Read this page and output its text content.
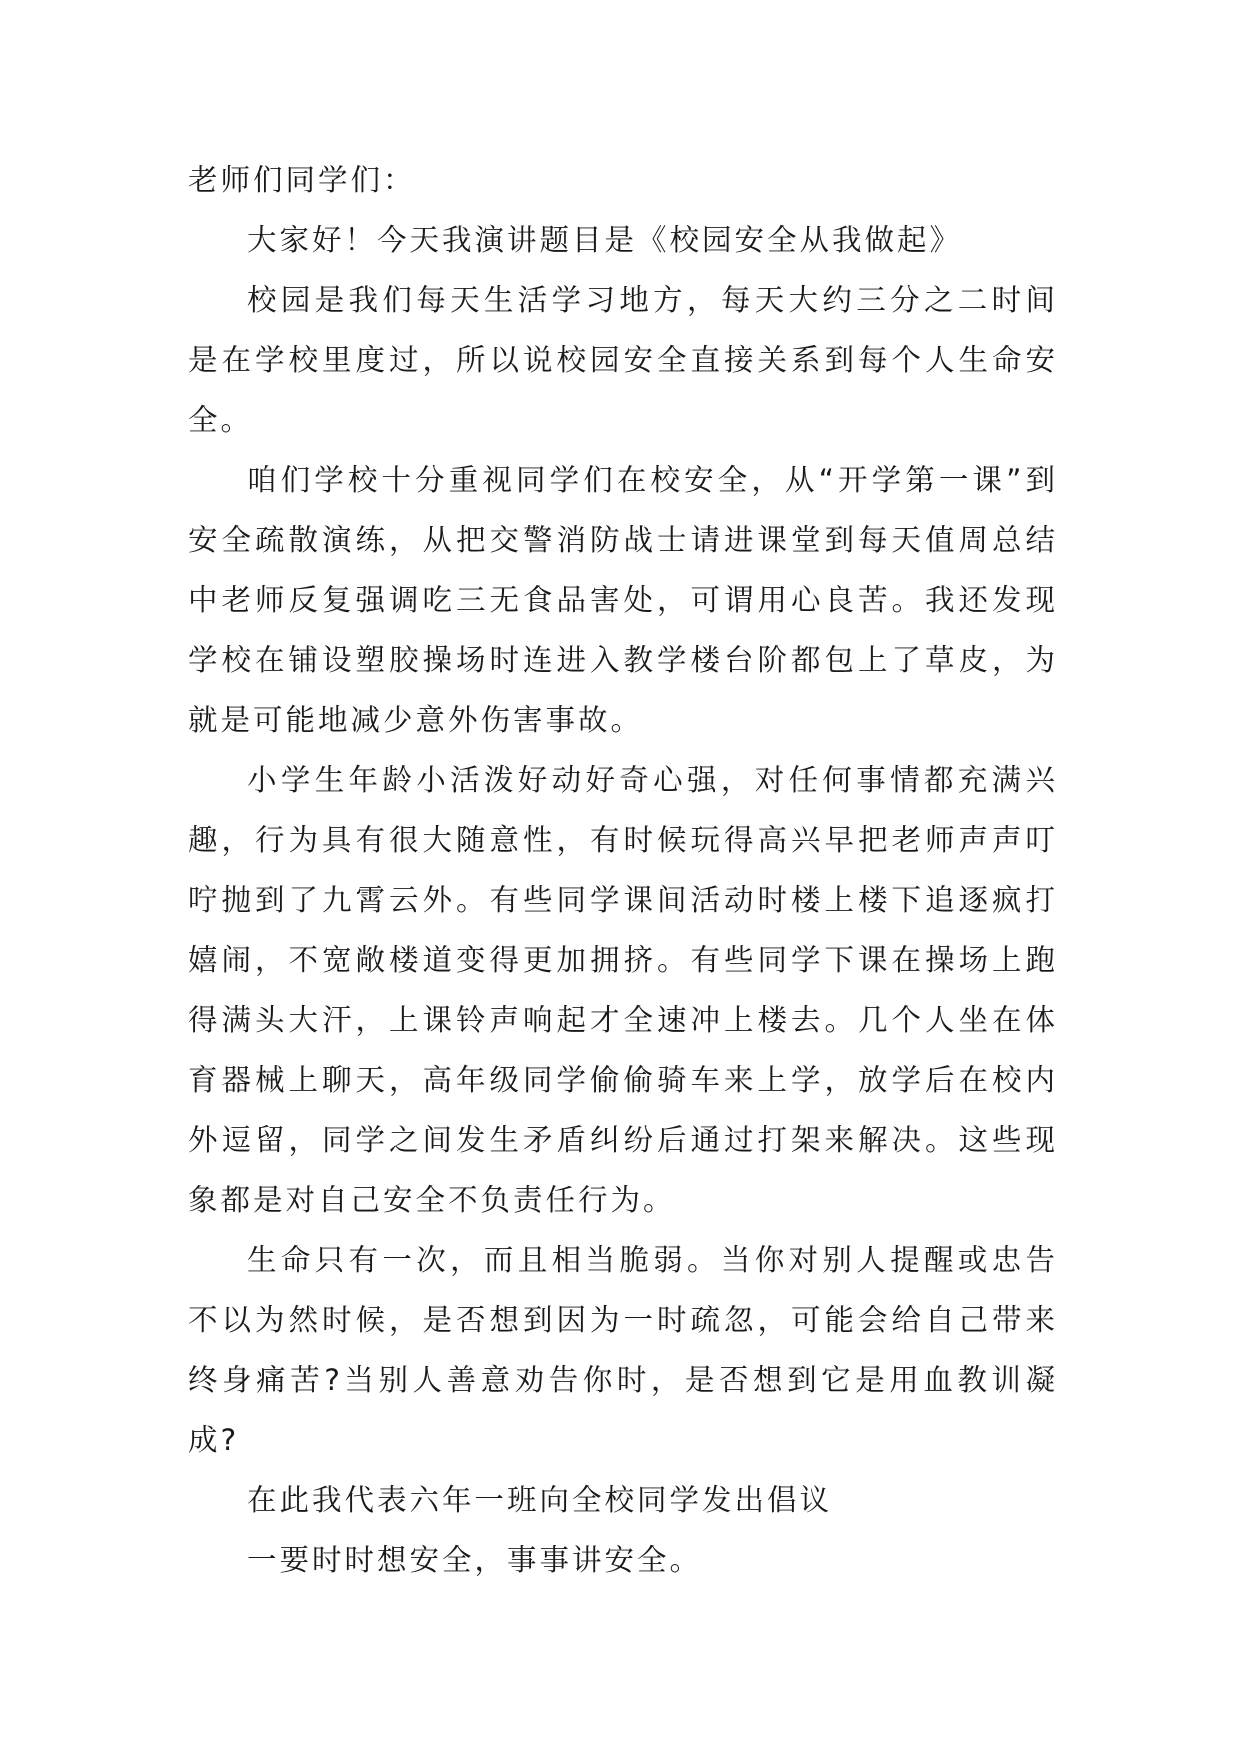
老师们同学们：

大家好！今天我演讲题目是《校园安全从我做起》

校园是我们每天生活学习地方，每天大约三分之二时间是在学校里度过，所以说校园安全直接关系到每个人生命安全。

咱们学校十分重视同学们在校安全，从“开学第一课”到安全疏散演练，从把交警消防战士请进课堂到每天值周总结中老师反复强调吃三无食品害处，可谓用心良苦。我还发现学校在铺设塑胶操场时连进入教学楼台阶都包上了草皮，为就是可能地减少意外伤害事故。

小学生年龄小活泼好动好奇心强，对任何事情都充满兴趣，行为具有很大随意性，有时候玩得高兴早把老师声声叮咛抛到了九霄云外。有些同学课间活动时楼上楼下追逐疯打嬉闹，不宽敞楼道变得更加拥挤。有些同学下课在操场上跑得满头大汗，上课铃声响起才全速冲上楼去。几个人坐在体育器械上聊天，高年级同学偷偷骑车来上学，放学后在校内外逗留，同学之间发生矛盾纠纷后通过打架来解决。这些现象都是对自己安全不负责任行为。

生命只有一次，而且相当脆弱。当你对别人提醒或忠告不以为然时候，是否想到因为一时疏忽，可能会给自己带来终身痛苦?当别人善意劝告你时，是否想到它是用血教训凝成?

在此我代表六年一班向全校同学发出倡议

一要时时想安全，事事讲安全。
